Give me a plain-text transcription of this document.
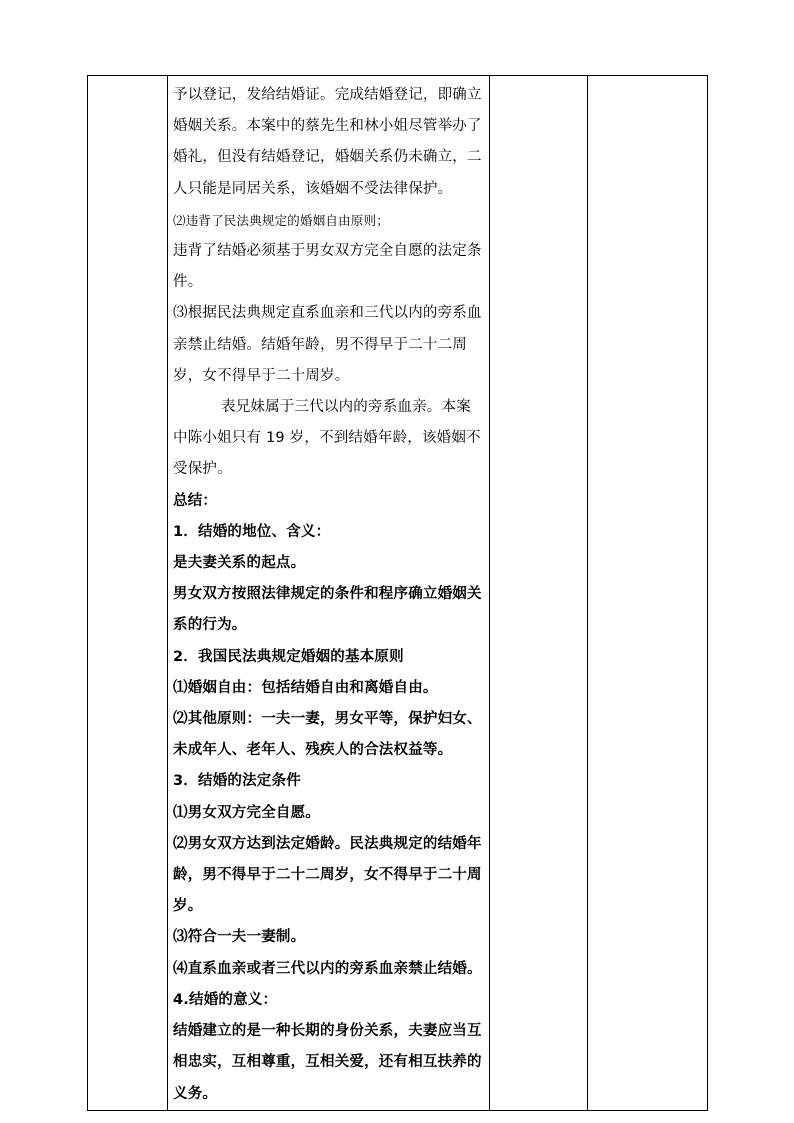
予以登记，发给结婚证。完成结婚登记，即确立婚姻关系。本案中的蔡先生和林小姐尽管举办了婚礼，但没有结婚登记，婚姻关系仍未确立，二人只能是同居关系，该婚姻不受法律保护。

⑵违背了民法典规定的婚姻自由原则；

违背了结婚必须基于男女双方完全自愿的法定条件。

⑶根据民法典规定直系血亲和三代以内的旁系血亲禁止结婚。结婚年龄，男不得早于二十二周岁，女不得早于二十周岁。

表兄妹属于三代以内的旁系血亲。本案中陈小姐只有 19 岁，不到结婚年龄，该婚姻不受保护。

总结：

1．结婚的地位、含义：

是夫妻关系的起点。

男女双方按照法律规定的条件和程序确立婚姻关系的行为。

2．我国民法典规定婚姻的基本原则

⑴婚姻自由：包括结婚自由和离婚自由。

⑵其他原则：一夫一妻，男女平等，保护妇女、未成年人、老年人、残疾人的合法权益等。

3．结婚的法定条件

⑴男女双方完全自愿。

⑵男女双方达到法定婚龄。民法典规定的结婚年龄，男不得早于二十二周岁，女不得早于二十周岁。

⑶符合一夫一妻制。

⑷直系血亲或者三代以内的旁系血亲禁止结婚。

4.结婚的意义：

结婚建立的是一种长期的身份关系，夫妻应当互相忠实，互相尊重，互相关爱，还有相互扶养的义务。
